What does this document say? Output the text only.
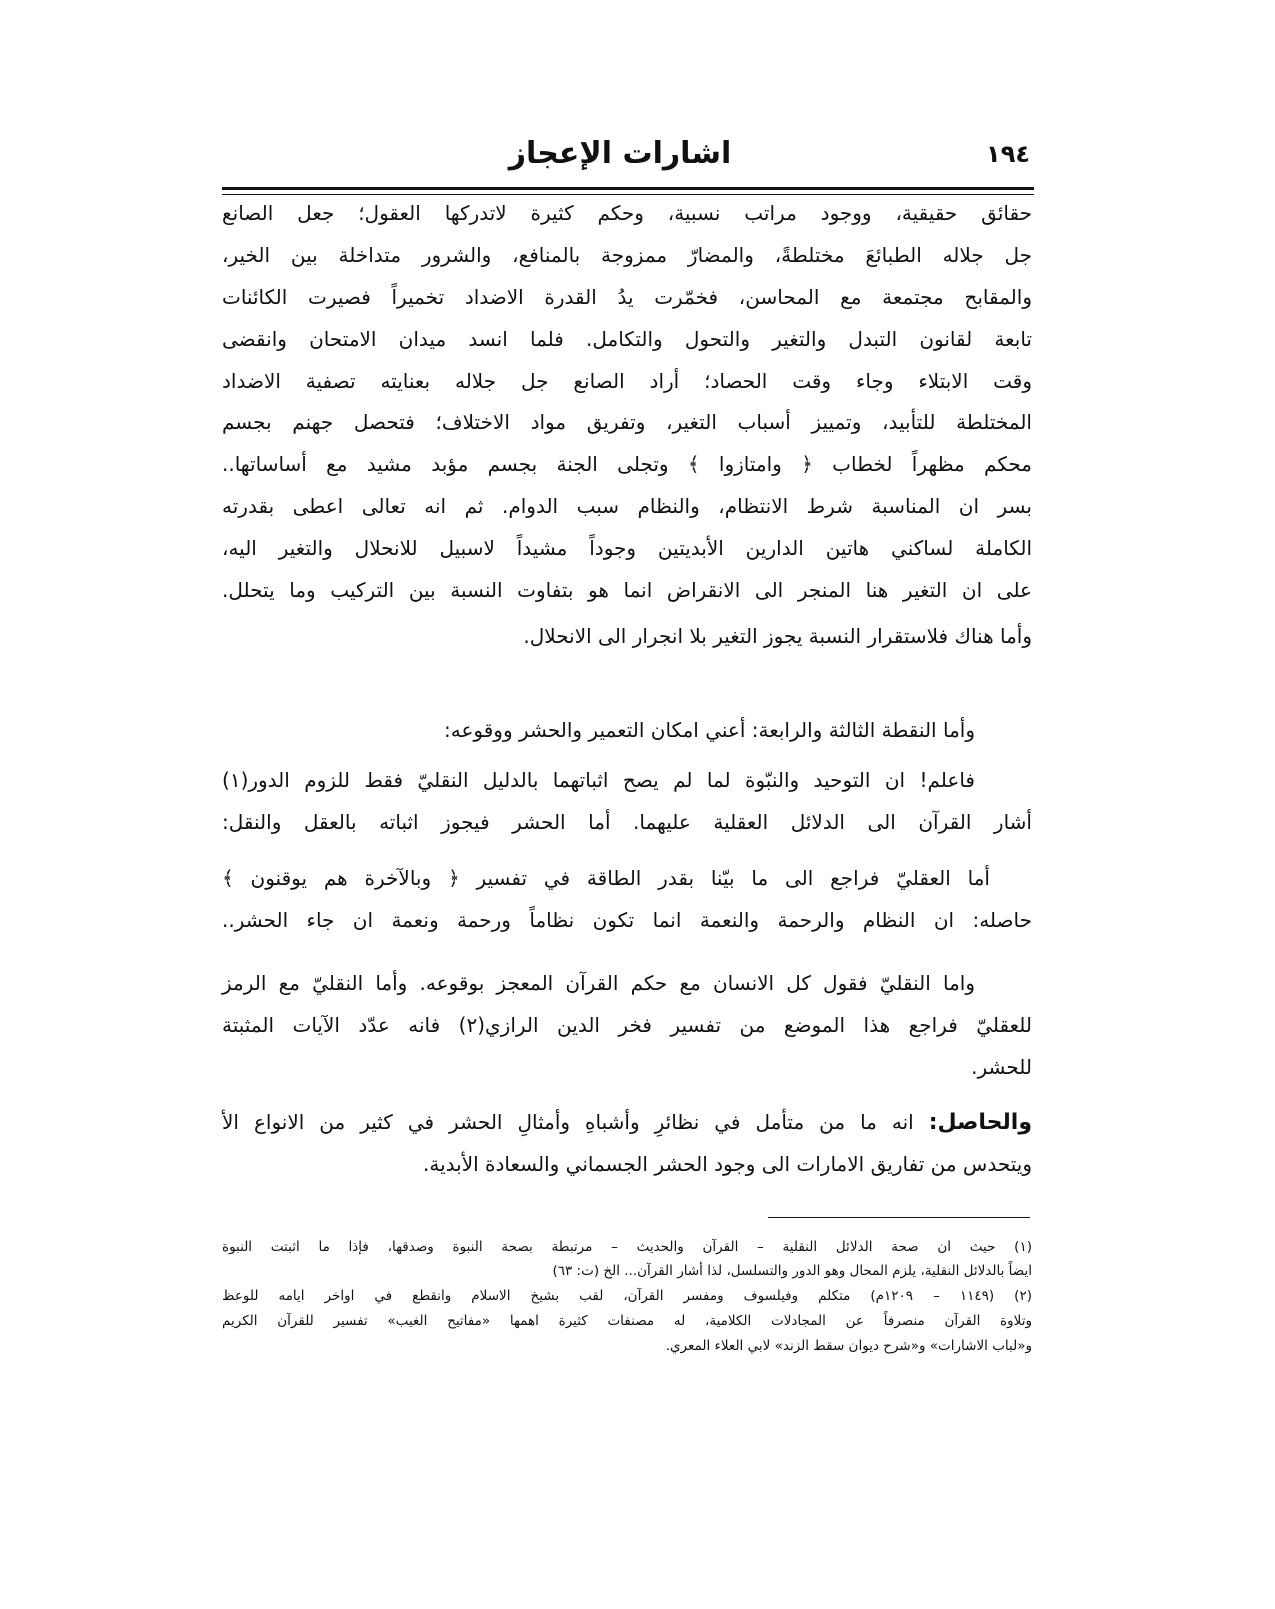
١٩٤
اشارات الإعجاز
حقائق حقيقية، ووجود مراتب نسبية، وحكم كثيرة لاتدركها العقول؛ جعل الصانع
جل جلاله الطبائعَ مختلطةً، والمضارّ ممزوجة بالمنافع، والشرور متداخلة بين الخير،
والمقابح مجتمعة مع المحاسن، فخمّرت يدُ القدرة الاضداد تخميراً فصيرت الكائنات
تابعة لقانون التبدل والتغير والتحول والتكامل. فلما انسد ميدان الامتحان وانقضى
وقت الابتلاء وجاء وقت الحصاد؛ أراد الصانع جل جلاله بعنايته تصفية الاضداد
المختلطة للتأبيد، وتمييز أسباب التغير، وتفريق مواد الاختلاف؛ فتحصل جهنم بجسم
محكم مظهراً لخطاب ﴿ وامتازوا ﴾ وتجلى الجنة بجسم مؤبد مشيد مع أساساتها..
بسر ان المناسبة شرط الانتظام، والنظام سبب الدوام. ثم انه تعالى اعطى بقدرته
الكاملة لساكني هاتين الدارين الأبديتين وجوداً مشيداً لاسبيل للانحلال والتغير اليه،
على ان التغير هنا المنجر الى الانقراض انما هو بتفاوت النسبة بين التركيب وما يتحلل.
وأما هناك فلاستقرار النسبة يجوز التغير بلا انجرار الى الانحلال.
وأما النقطة الثالثة والرابعة: أعني امكان التعمير والحشر ووقوعه:
فاعلم! ان التوحيد والنبّوة لما لم يصح اثباتهما بالدليل النقليّ فقط للزوم الدور(١)
أشار القرآن الى الدلائل العقلية عليهما. أما الحشر فيجوز اثباته بالعقل والنقل:
أما العقليّ فراجع الى ما بيّنا بقدر الطاقة في تفسير ﴿ وبالآخرة هم يوقنون ﴾
حاصله: ان النظام والرحمة والنعمة انما تكون نظاماً ورحمة ونعمة ان جاء الحشر..
واما النقليّ فقول كل الانسان مع حكم القرآن المعجز بوقوعه. وأما النقليّ مع الرمز
للعقليّ فراجع هذا الموضع من تفسير فخر الدين الرازي(٢) فانه عدّد الآيات المثبتة
للحشر.
والحاصل: انه ما من متأمل في نظائرِ وأشباهِ وأمثالِ الحشر في كثير من الانواع الأ
ويتحدس من تفاريق الامارات الى وجود الحشر الجسماني والسعادة الأبدية.
(١) حيث ان صحة الدلائل النقلية – القرآن والحديث – مرتبطة بصحة النبوة وصدقها، فإذا ما اثبتت النبوة
ايضاً بالدلائل النقلية، يلزم المحال وهو الدور والتسلسل، لذا أشار القرآن... الخ (ت: ٦٣)
(٢) (١١٤٩ – ١٢٠٩م) متكلم وفيلسوف ومفسر القرآن، لقب بشيخ الاسلام وانقطع في اواخر ايامه للوعظ
وتلاوة القرآن منصرفاً عن المجادلات الكلامية، له مصنفات كثيرة اهمها «مفاتيح الغيب» تفسير للقرآن الكريم
و«لباب الاشارات» و«شرح ديوان سقط الزند» لابي العلاء المعري.
